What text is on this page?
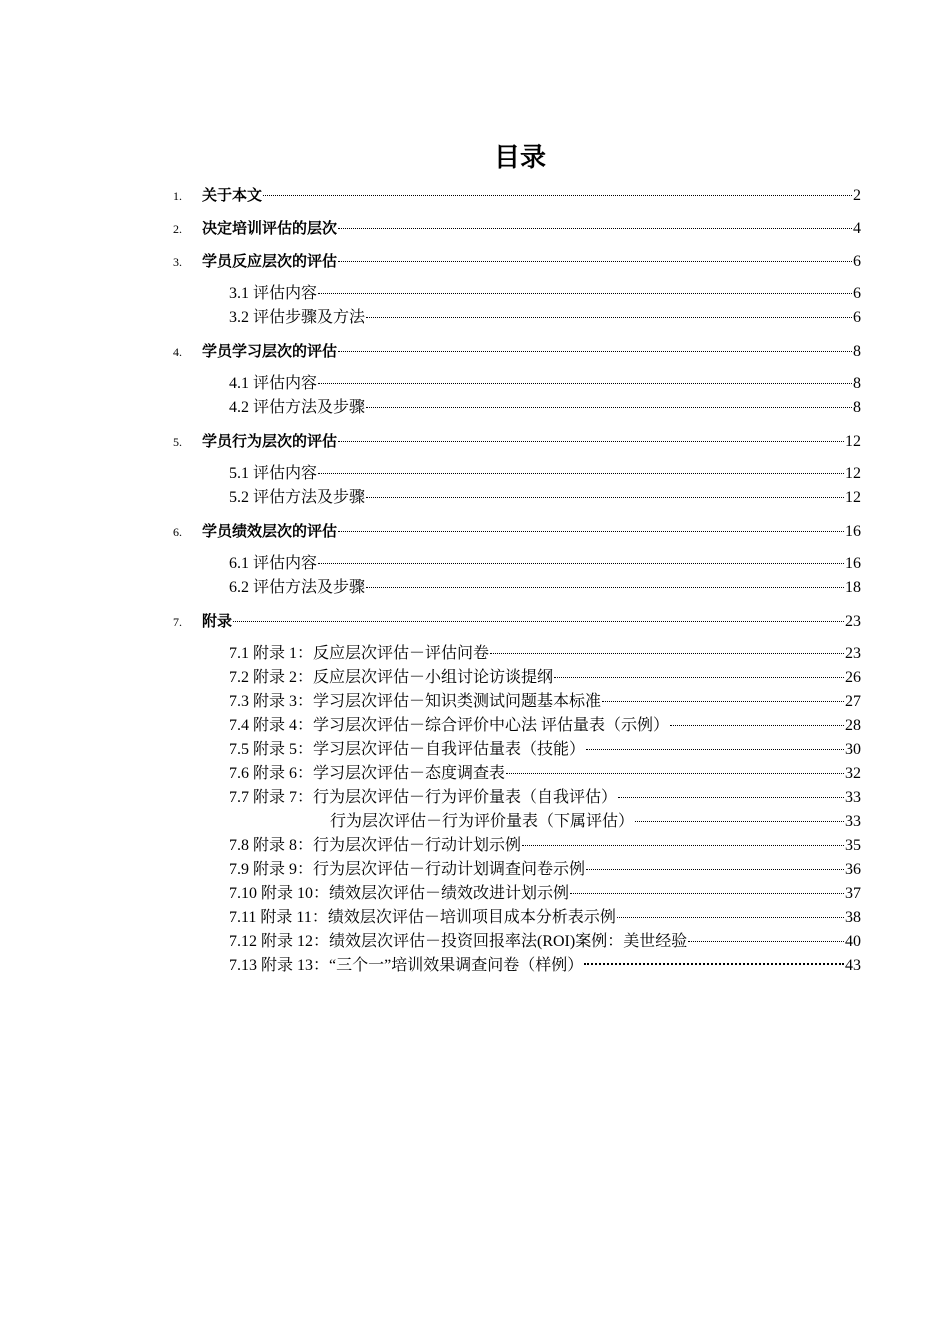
目录
1.	关于本文	2
2.	决定培训评估的层次	4
3.	学员反应层次的评估	6
3.1 评估内容	6
3.2 评估步骤及方法	6
4.	学员学习层次的评估	8
4.1 评估内容	8
4.2 评估方法及步骤	8
5.	学员行为层次的评估	12
5.1 评估内容	12
5.2 评估方法及步骤	12
6.	学员绩效层次的评估	16
6.1 评估内容	16
6.2 评估方法及步骤	18
7.	附录	23
7.1 附录 1：反应层次评估－评估问卷	23
7.2 附录 2：反应层次评估－小组讨论访谈提纲	26
7.3 附录 3：学习层次评估－知识类测试问题基本标准	27
7.4 附录 4：学习层次评估－综合评价中心法 评估量表（示例）	28
7.5 附录 5：学习层次评估－自我评估量表（技能）	30
7.6 附录 6：学习层次评估－态度调查表	32
7.7 附录 7：行为层次评估－行为评价量表（自我评估）	33
行为层次评估－行为评价量表（下属评估）	33
7.8 附录 8：行为层次评估－行动计划示例	35
7.9 附录 9：行为层次评估－行动计划调查问卷示例	36
7.10 附录 10：绩效层次评估－绩效改进计划示例	37
7.11 附录 11：绩效层次评估－培训项目成本分析表示例	38
7.12 附录 12：绩效层次评估－投资回报率法(ROI)案例：美世经验	40
7.13 附录 13：“三个一”培训效果调查问卷（样例）	43
